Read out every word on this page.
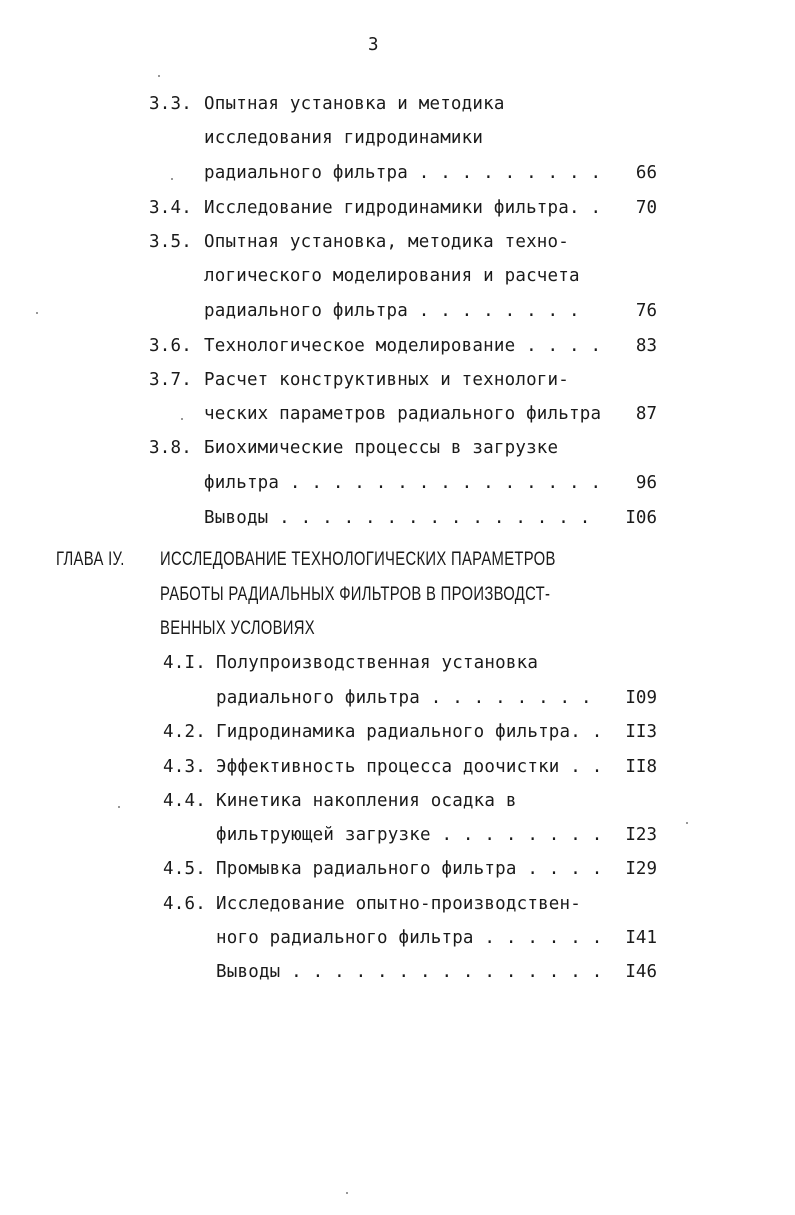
3
3.3. Опытная установка и методика
исследования гидродинамики
радиального фильтра . . . . . . . . .	66
3.4. Исследование гидродинамики фильтра. .	70
3.5. Опытная установка, методика техно-
логического моделирования и расчета
радиального фильтра . . . . . . . .	76
3.6. Технологическое моделирование . . . .	83
3.7. Расчет конструктивных и технологи-
ческих параметров радиального фильтра	87
3.8. Биохимические процессы в загрузке
фильтра . . . . . . . . . . . . . . .	96
Выводы . . . . . . . . . . . . . . .	I06
ГЛАВА IУ. ИССЛЕДОВАНИЕ ТЕХНОЛОГИЧЕСКИХ ПАРАМЕТРОВ
РАБОТЫ РАДИАЛЬНЫХ ФИЛЬТРОВ В ПРОИЗВОДСТ-
ВЕННЫХ УСЛОВИЯХ
4.I. Полупроизводственная установка
радиального фильтра . . . . . . . .	I09
4.2. Гидродинамика радиального фильтра. .	II3
4.3. Эффективность процесса доочистки . .	II8
4.4. Кинетика накопления осадка в
фильтрующей загрузке . . . . . . . .	I23
4.5. Промывка радиального фильтра . . . .	I29
4.6. Исследование опытно-производствен-
ного радиального фильтра . . . . . .	I41
Выводы . . . . . . . . . . . . . . .	I46
